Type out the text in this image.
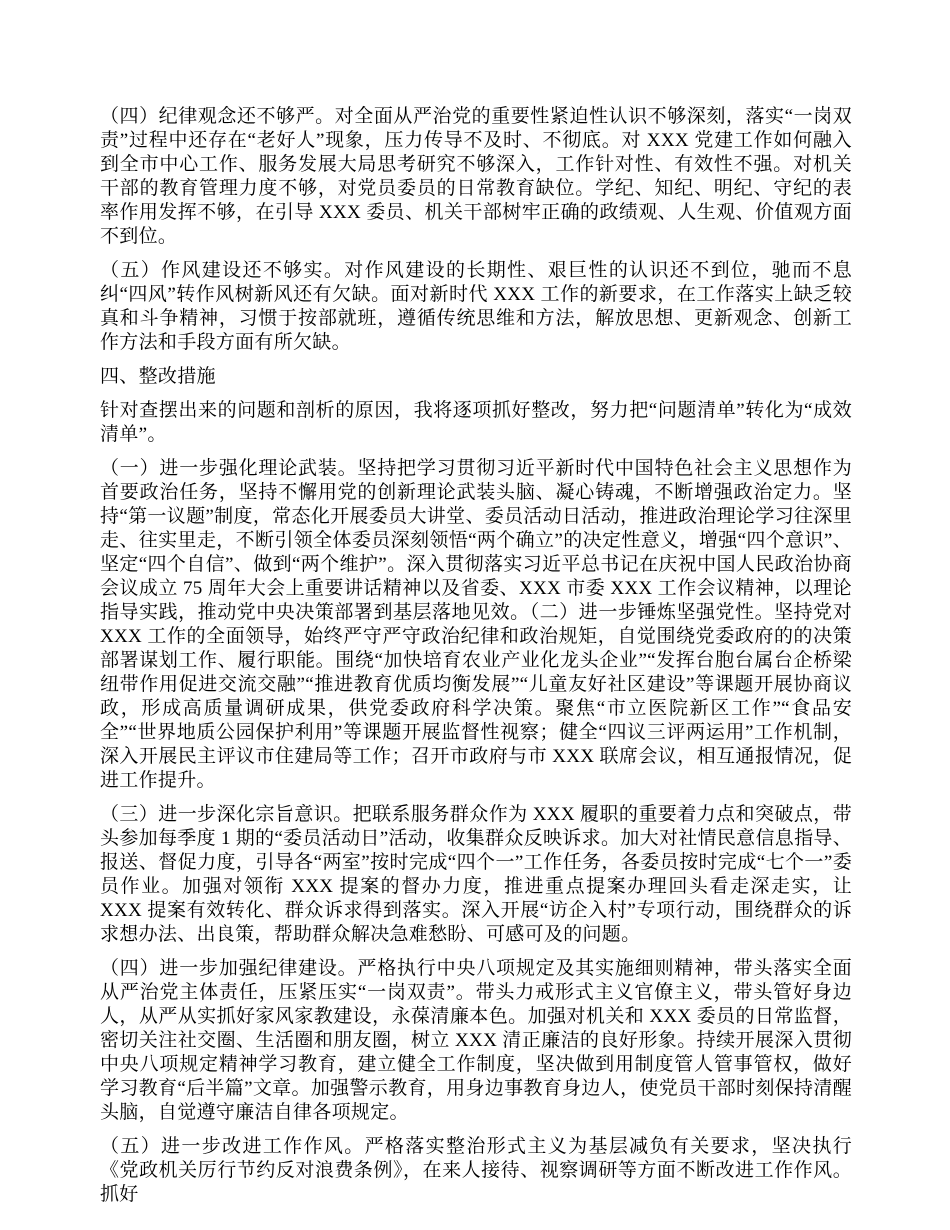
（四）纪律观念还不够严。对全面从严治党的重要性紧迫性认识不够深刻，落实“一岗双责”过程中还存在“老好人”现象，压力传导不及时、不彻底。对 XXX 党建工作如何融入到全市中心工作、服务发展大局思考研究不够深入，工作针对性、有效性不强。对机关干部的教育管理力度不够，对党员委员的日常教育缺位。学纪、知纪、明纪、守纪的表率作用发挥不够，在引导 XXX 委员、机关干部树牢正确的政绩观、人生观、价值观方面不到位。

（五）作风建设还不够实。对作风建设的长期性、艰巨性的认识还不到位，驰而不息纠“四风”转作风树新风还有欠缺。面对新时代 XXX 工作的新要求，在工作落实上缺乏较真和斗争精神，习惯于按部就班，遵循传统思维和方法，解放思想、更新观念、创新工作方法和手段方面有所欠缺。

四、整改措施

针对查摆出来的问题和剖析的原因，我将逐项抓好整改，努力把“问题清单”转化为“成效清单”。

（一）进一步强化理论武装。坚持把学习贯彻习近平新时代中国特色社会主义思想作为首要政治任务，坚持不懈用党的创新理论武装头脑、凝心铸魂，不断增强政治定力。坚持“第一议题”制度，常态化开展委员大讲堂、委员活动日活动，推进政治理论学习往深里走、往实里走，不断引领全体委员深刻领悟“两个确立”的决定性意义，增强“四个意识”、坚定“四个自信”、做到“两个维护”。深入贯彻落实习近平总书记在庆祝中国人民政治协商会议成立 75 周年大会上重要讲话精神以及省委、XXX 市委 XXX 工作会议精神，以理论指导实践，推动党中央决策部署到基层落地见效。（二）进一步锤炼坚强党性。坚持党对 XXX 工作的全面领导，始终严守严守政治纪律和政治规矩，自觉围绕党委政府的的决策部署谋划工作、履行职能。围绕“加快培育农业产业化龙头企业”“发挥台胞台属台企桥梁纽带作用促进交流交融”“推进教育优质均衡发展”“儿童友好社区建设”等课题开展协商议政，形成高质量调研成果，供党委政府科学决策。聚焦“市立医院新区工作”“食品安全”“世界地质公园保护利用”等课题开展监督性视察；健全“四议三评两运用”工作机制，深入开展民主评议市住建局等工作；召开市政府与市 XXX 联席会议，相互通报情况，促进工作提升。

（三）进一步深化宗旨意识。把联系服务群众作为 XXX 履职的重要着力点和突破点，带头参加每季度 1 期的“委员活动日”活动，收集群众反映诉求。加大对社情民意信息指导、报送、督促力度，引导各“两室”按时完成“四个一”工作任务，各委员按时完成“七个一”委员作业。加强对领衔 XXX 提案的督办力度，推进重点提案办理回头看走深走实，让 XXX 提案有效转化、群众诉求得到落实。深入开展“访企入村”专项行动，围绕群众的诉求想办法、出良策，帮助群众解决急难愁盼、可感可及的问题。

（四）进一步加强纪律建设。严格执行中央八项规定及其实施细则精神，带头落实全面从严治党主体责任，压紧压实“一岗双责”。带头力戒形式主义官僚主义，带头管好身边人，从严从实抓好家风家教建设，永葆清廉本色。加强对机关和 XXX 委员的日常监督，密切关注社交圈、生活圈和朋友圈，树立 XXX 清正廉洁的良好形象。持续开展深入贯彻中央八项规定精神学习教育，建立健全工作制度，坚决做到用制度管人管事管权，做好学习教育“后半篇”文章。加强警示教育，用身边事教育身边人，使党员干部时刻保持清醒头脑，自觉遵守廉洁自律各项规定。

（五）进一步改进工作作风。严格落实整治形式主义为基层减负有关要求，坚决执行《党政机关厉行节约反对浪费条例》，在来人接待、视察调研等方面不断改进工作作风。抓好
